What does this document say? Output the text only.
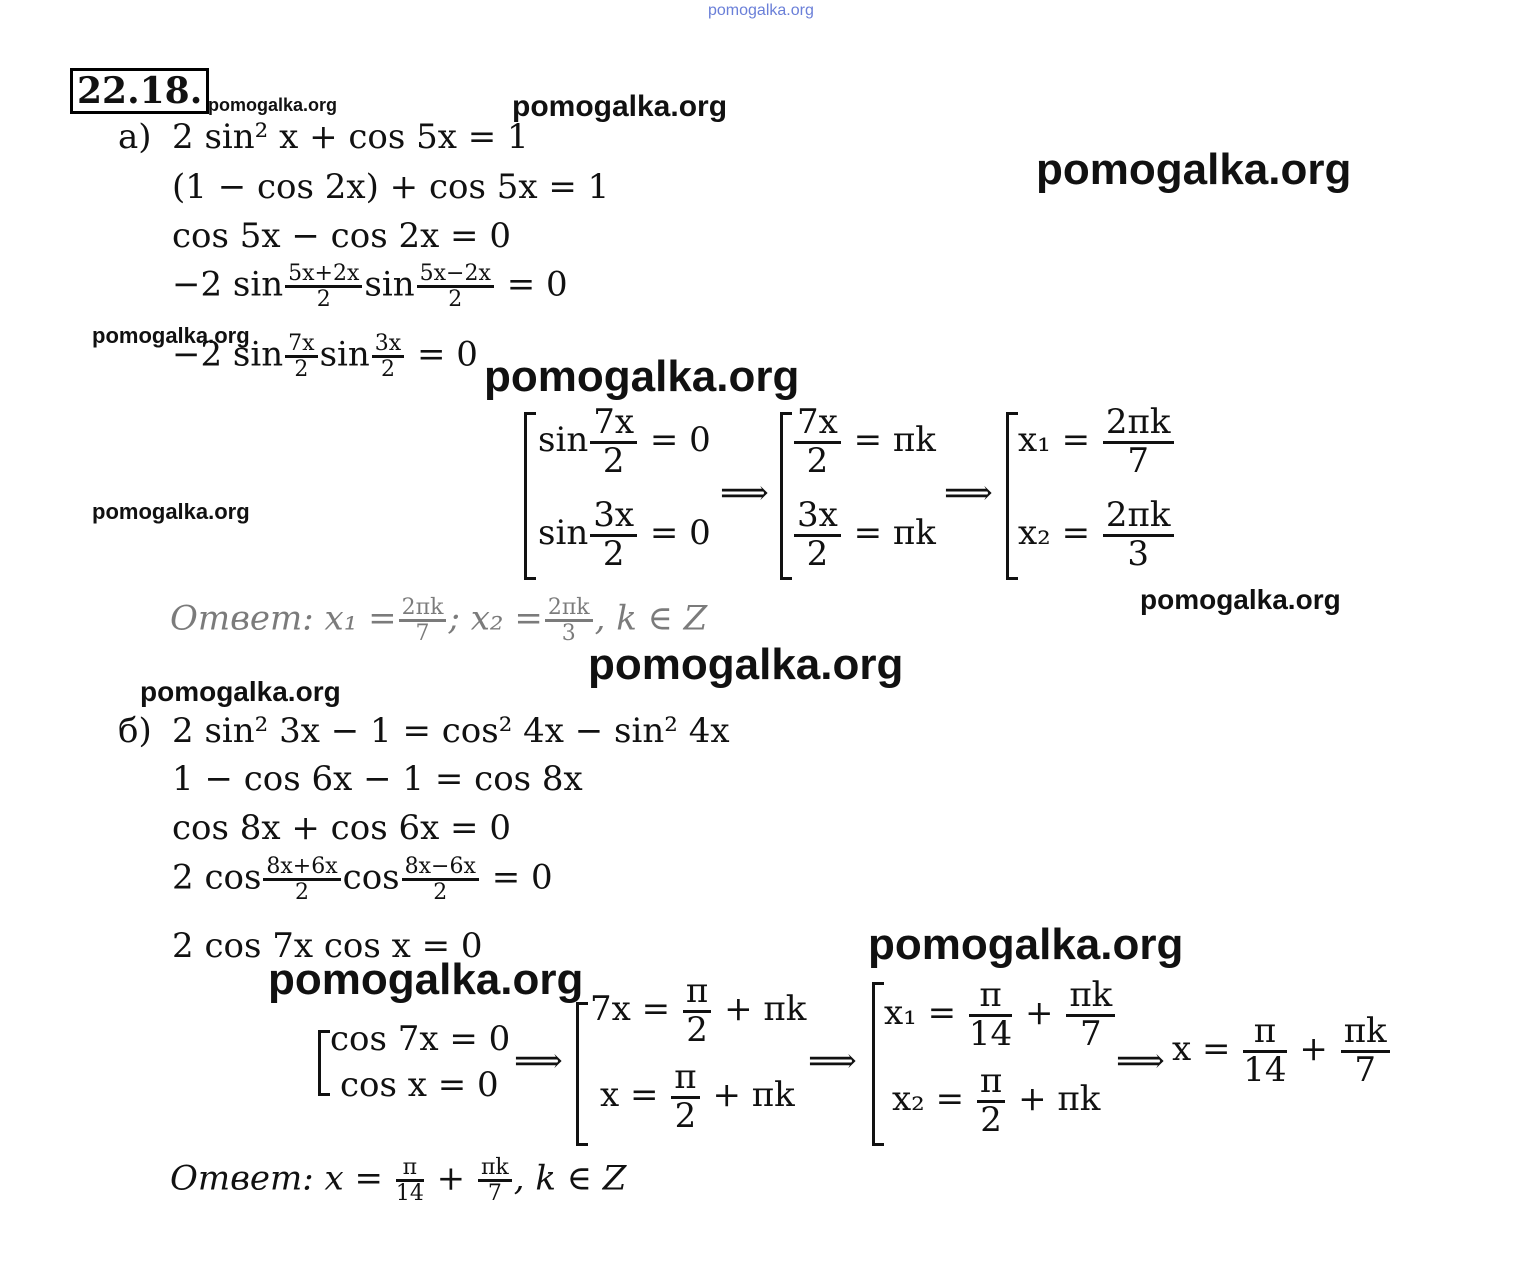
pomogalka.org
pomogalka.org	pomogalka.org
pomogalka.org
pomogalka.org
pomogalka.org
pomogalka.org
pomogalka.org
pomogalka.org
pomogalka.org
pomogalka.org
pomogalka.org
22.18.
а) 2 sin² x + cos 5x = 1
(1 − cos 2x) + cos 5x = 1
cos 5x − cos 2x = 0
−2 $\sin \frac{5x+2x}{2}$ $\sin \frac{5x-2x}{2} = 0$
−2 $\sin \frac{7x}{2}$ $\sin \frac{3x}{2} = 0$
$\sin \frac{7x}{2} = 0$
$\sin \frac{3x}{2} = 0$
⟹
$\frac{7x}{2} = \pi k$
$\frac{3x}{2} = \pi k$
⟹
$x_1 = \frac{2\pi k}{7}$
$x_2 = \frac{2\pi k}{3}$
Ответ: $x_1 = \frac{2\pi k}{7}$ ; $x_2 = \frac{2\pi k}{3}$ , k ∈ Z
б) 2 sin² 3x − 1 = cos² 4x − sin² 4x
1 − cos 6x − 1 = cos 8x
cos 8x + cos 6x = 0
2 $\cos \frac{8x+6x}{2}$ $\cos \frac{8x-6x}{2} = 0$
2 cos 7x cos x = 0
cos 7x = 0
cos x = 0
⟹
$7x = \frac{\pi}{2} + \pi k$
$x = \frac{\pi}{2} + \pi k$
⟹
$x_1 = \frac{\pi}{14} + \frac{\pi k}{7}$
$x_2 = \frac{\pi}{2} + \pi k$
⟹ $x = \frac{\pi}{14} + \frac{\pi k}{7}$
Ответ: $x = \frac{\pi}{14} + \frac{\pi k}{7}$ , k ∈ Z
